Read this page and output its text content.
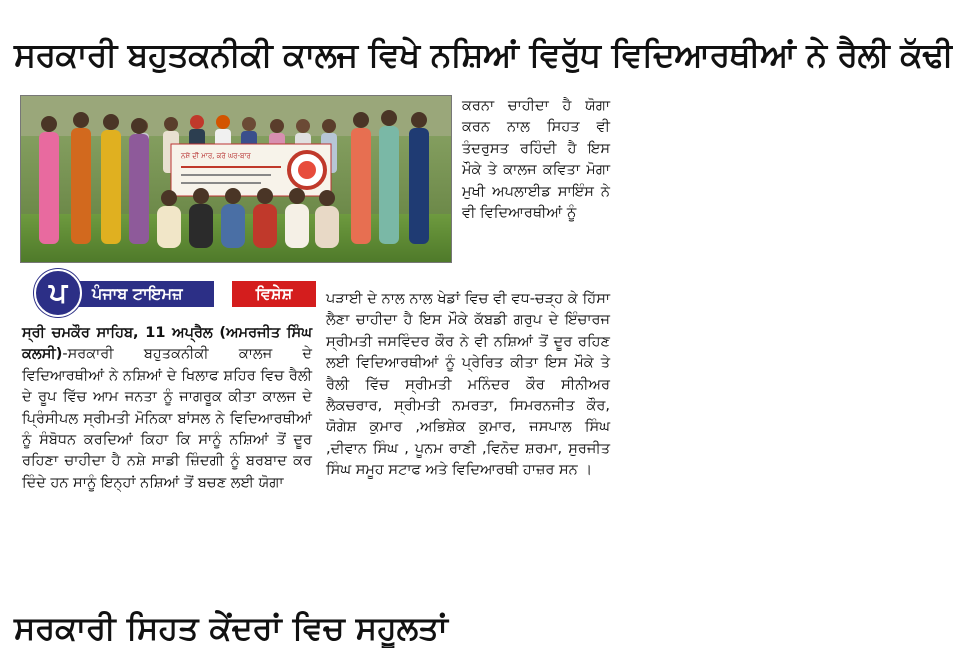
ਸਰਕਾਰੀ ਬਹੁਤਕਨੀਕੀ ਕਾਲਜ ਵਿਖੇ ਨਸ਼ਿਆਂ ਵਿਰੁੱਧ ਵਿਦਿਆਰਥੀਆਂ ਨੇ ਰੈਲੀ ਕੱਢੀ
ਨਸ਼ੇ ਦੀ ਮਾਰ, ਕਰੇ ਘਰ-ਬਾਰ

ਕਰਨਾ ਚਾਹੀਦਾ ਹੈ ਯੋਗਾ ਕਰਨ ਨਾਲ ਸਿਹਤ ਵੀ ਤੰਦਰੁਸਤ ਰਹਿੰਦੀ ਹੈ ਇਸ ਮੌਕੇ ਤੇ ਕਾਲਜ ਕਵਿਤਾ ਮੋਗਾ ਮੁਖੀ ਅਪਲਾਈਡ ਸਾਇੰਸ ਨੇ ਵੀ ਵਿਦਿਆਰਥੀਆਂ ਨੂੰ

ਪੰਜਾਬ ਟਾਇਮਜ਼
ਪ	ਵਿਸ਼ੇਸ਼

ਸ੍ਰੀ ਚਮਕੌਰ ਸਾਹਿਬ, 11 ਅਪ੍ਰੈਲ (ਅਮਰਜੀਤ ਸਿੰਘ ਕਲਸੀ)-ਸਰਕਾਰੀ ਬਹੁਤਕਨੀਕੀ ਕਾਲਜ ਦੇ ਵਿਦਿਆਰਥੀਆਂ ਨੇ ਨਸ਼ਿਆਂ ਦੇ ਖਿਲਾਫ ਸ਼ਹਿਰ ਵਿਚ ਰੈਲੀ ਦੇ ਰੂਪ ਵਿੱਚ ਆਮ ਜਨਤਾ ਨੂੰ ਜਾਗਰੂਕ ਕੀਤਾ ਕਾਲਜ ਦੇ ਪ੍ਰਿੰਸੀਪਲ ਸ੍ਰੀਮਤੀ ਮੋਨਿਕਾ ਬਾਂਸਲ ਨੇ ਵਿਦਿਆਰਥੀਆਂ ਨੂੰ ਸੰਬੋਧਨ ਕਰਦਿਆਂ ਕਿਹਾ ਕਿ ਸਾਨੂੰ ਨਸ਼ਿਆਂ ਤੋਂ ਦੂਰ ਰਹਿਣਾ ਚਾਹੀਦਾ ਹੈ ਨਸ਼ੇ ਸਾਡੀ ਜ਼ਿੰਦਗੀ ਨੂੰ ਬਰਬਾਦ ਕਰ ਦਿੰਦੇ ਹਨ ਸਾਨੂੰ ਇਨ੍ਹਾਂ ਨਸ਼ਿਆਂ ਤੋਂ ਬਚਣ ਲਈ ਯੋਗਾ

ਪੜਾਈ ਦੇ ਨਾਲ ਨਾਲ ਖੇਡਾਂ ਵਿਚ ਵੀ ਵਧ-ਚੜ੍ਹ ਕੇ ਹਿੱਸਾ ਲੈਣਾ ਚਾਹੀਦਾ ਹੈ ਇਸ ਮੌਕੇ ਕੱਬਡੀ ਗਰੁਪ ਦੇ ਇੰਚਾਰਜ ਸ੍ਰੀਮਤੀ ਜਸਵਿੰਦਰ ਕੌਰ ਨੇ ਵੀ ਨਸ਼ਿਆਂ ਤੋਂ ਦੂਰ ਰਹਿਣ ਲਈ ਵਿਦਿਆਰਥੀਆਂ ਨੂੰ ਪ੍ਰੇਰਿਤ ਕੀਤਾ ਇਸ ਮੌਕੇ ਤੇ ਰੈਲੀ ਵਿੱਚ ਸ੍ਰੀਮਤੀ ਮਨਿੰਦਰ ਕੌਰ ਸੀਨੀਅਰ ਲੈਕਚਰਾਰ, ਸ੍ਰੀਮਤੀ ਨਮਰਤਾ, ਸਿਮਰਨਜੀਤ ਕੌਰ, ਯੋਗੇਸ਼ ਕੁਮਾਰ ,ਅਭਿਸ਼ੇਕ ਕੁਮਾਰ, ਜਸਪਾਲ ਸਿੰਘ ,ਦੀਵਾਨ ਸਿੰਘ , ਪੂਨਮ ਰਾਣੀ ,ਵਿਨੋਦ ਸ਼ਰਮਾ, ਸੁਰਜੀਤ ਸਿੰਘ ਸਮੂਹ ਸਟਾਫ ਅਤੇ ਵਿਦਿਆਰਥੀ ਹਾਜ਼ਰ ਸਨ ।

ਸਰਕਾਰੀ ਸਿਹਤ ਕੇਂਦਰਾਂ ਵਿਚ ਸਹੂਲਤਾਂ
